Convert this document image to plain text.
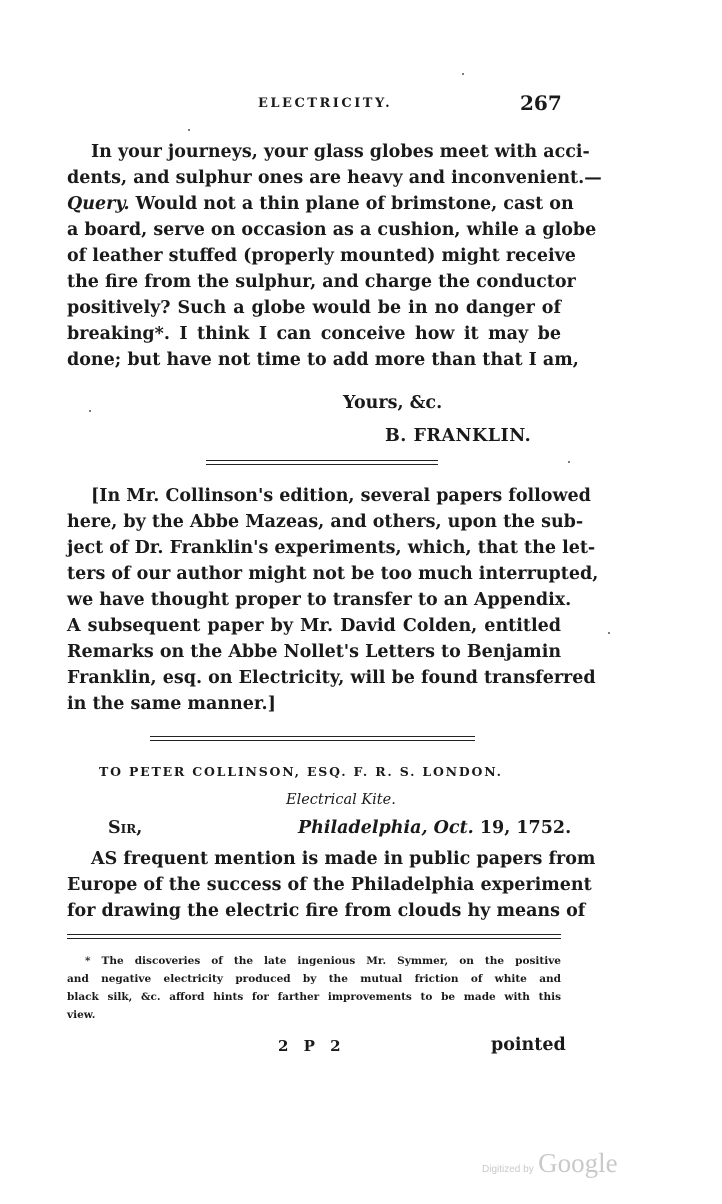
ELECTRICITY.	267
In your journeys, your glass globes meet with acci-
dents, and sulphur ones are heavy and inconvenient.—
Query. Would not a thin plane of brimstone, cast on
a board, serve on occasion as a cushion, while a globe
of leather stuffed (properly mounted) might receive
the fire from the sulphur, and charge the conductor
positively? Such a globe would be in no danger of
breaking*. I think I can conceive how it may be
done; but have not time to add more than that I am,
Yours, &c.
B. FRANKLIN.
[In Mr. Collinson's edition, several papers followed
here, by the Abbe Mazeas, and others, upon the sub-
ject of Dr. Franklin's experiments, which, that the let-
ters of our author might not be too much interrupted,
we have thought proper to transfer to an Appendix.
A subsequent paper by Mr. David Colden, entitled
Remarks on the Abbe Nollet's Letters to Benjamin
Franklin, esq. on Electricity, will be found transferred
in the same manner.]
TO PETER COLLINSON, ESQ. F. R. S. LONDON.
Electrical Kite.
Sir,	Philadelphia, Oct. 19, 1752.
AS frequent mention is made in public papers from
Europe of the success of the Philadelphia experiment
for drawing the electric fire from clouds hy means of
* The discoveries of the late ingenious Mr. Symmer, on the positive
and negative electricity produced by the mutual friction of white and
black silk, &c. afford hints for farther improvements to be made with this
view.
2 P 2	pointed
Digitized by Google
